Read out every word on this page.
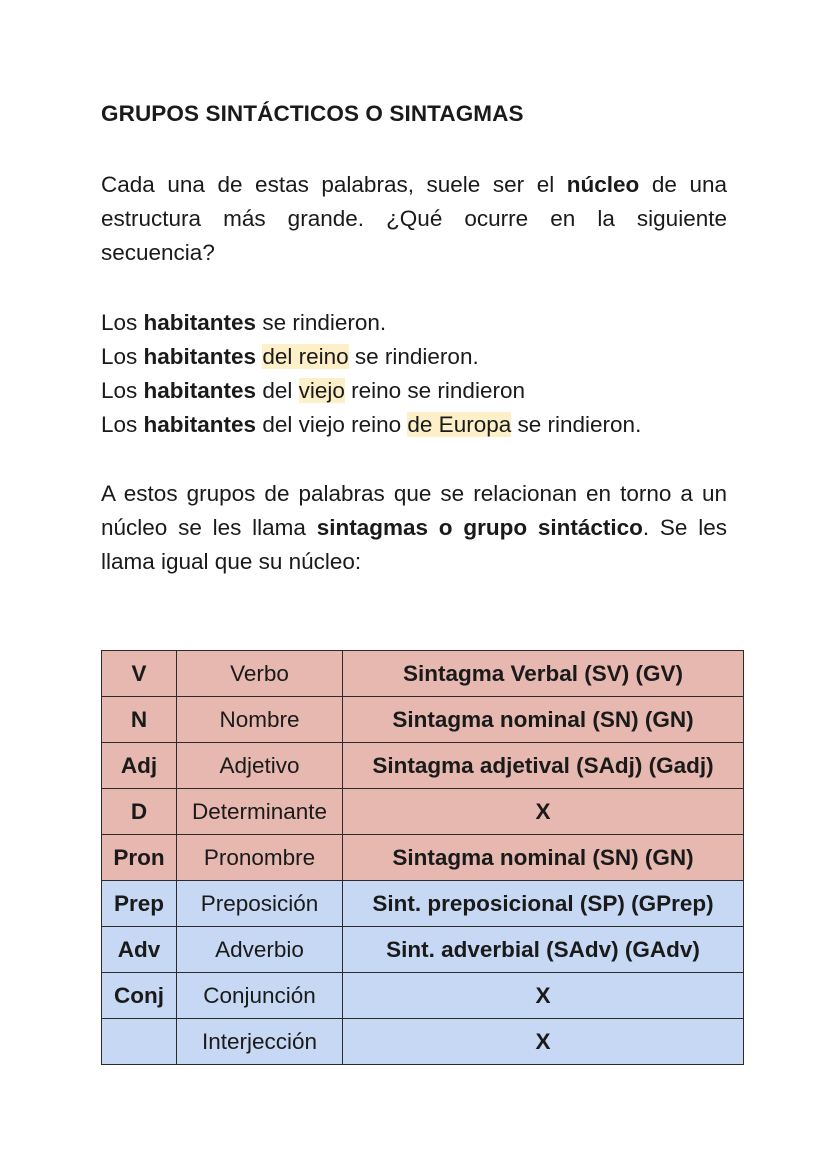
GRUPOS SINTÁCTICOS O SINTAGMAS

Cada una de estas palabras, suele ser el núcleo de una estructura más grande. ¿Qué ocurre en la siguiente secuencia?

Los habitantes se rindieron.
Los habitantes del reino se rindieron.
Los habitantes del viejo reino se rindieron
Los habitantes del viejo reino de Europa se rindieron.

A estos grupos de palabras que se relacionan en torno a un núcleo se les llama sintagmas o grupo sintáctico. Se les llama igual que su núcleo:

V	Verbo	Sintagma Verbal (SV) (GV)
N	Nombre	Sintagma nominal (SN) (GN)
Adj	Adjetivo	Sintagma adjetival (SAdj) (Gadj)
D	Determinante	X
Pron	Pronombre	Sintagma nominal (SN) (GN)
Prep	Preposición	Sint. preposicional (SP) (GPrep)
Adv	Adverbio	Sint. adverbial (SAdv) (GAdv)
Conj	Conjunción	X
	Interjección	X
